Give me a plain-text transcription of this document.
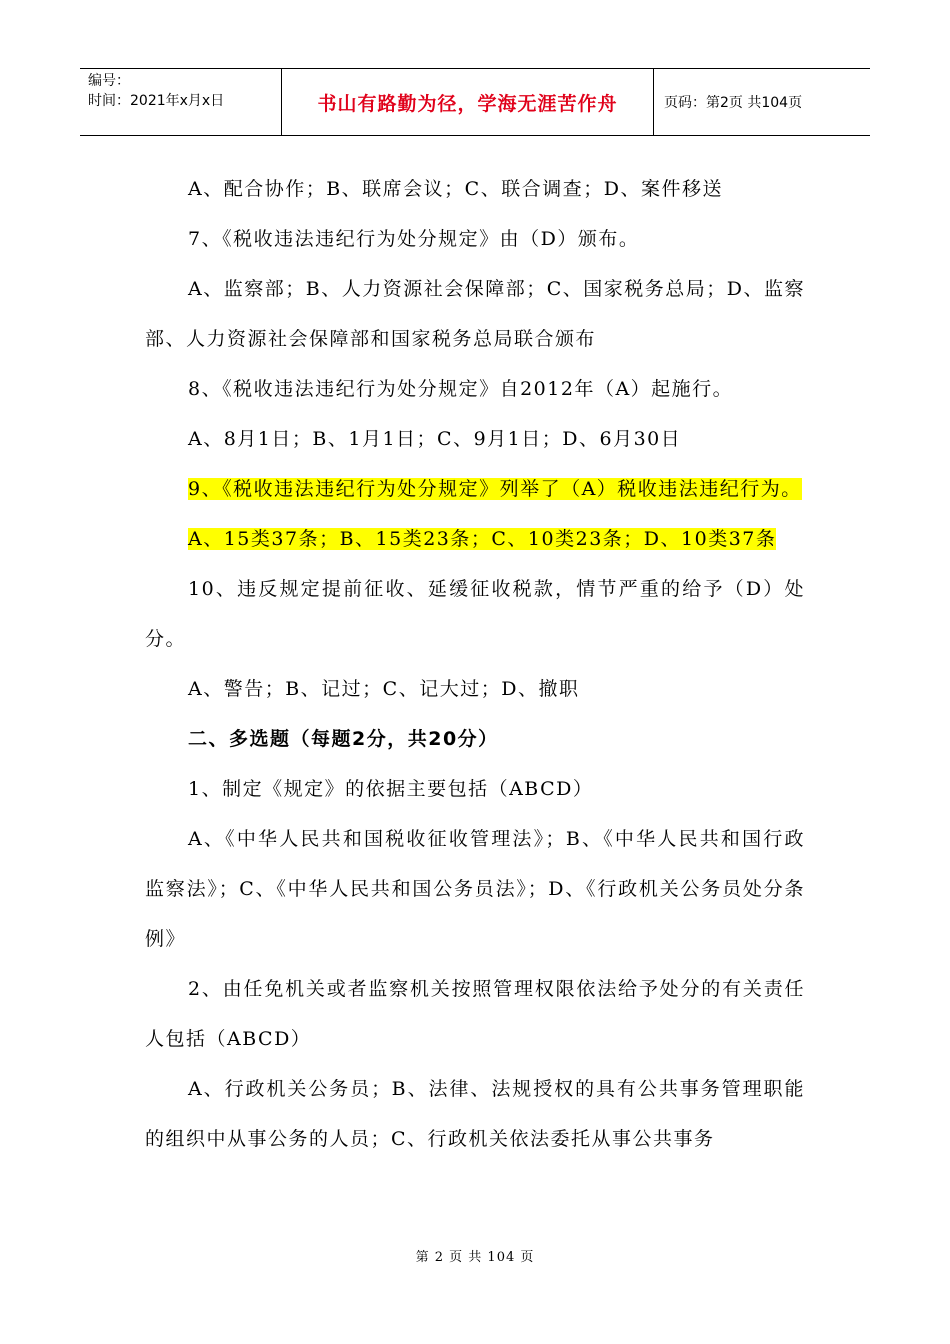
编号：
时间：2021年x月x日	书山有路勤为径，学海无涯苦作舟	页码：第2页 共104页

A、配合协作；B、联席会议；C、联合调查；D、案件移送

7、《税收违法违纪行为处分规定》由（D）颁布。

A、监察部；B、人力资源社会保障部；C、国家税务总局；D、监察部、人力资源社会保障部和国家税务总局联合颁布

8、《税收违法违纪行为处分规定》自2012年（A）起施行。

A、8月1日；B、1月1日；C、9月1日；D、6月30日

9、《税收违法违纪行为处分规定》列举了（A）税收违法违纪行为。

A、15类37条；B、15类23条；C、10类23条；D、10类37条

10、违反规定提前征收、延缓征收税款，情节严重的给予（D）处分。

A、警告；B、记过；C、记大过；D、撤职

二、多选题（每题2分，共20分）

1、制定《规定》的依据主要包括（ABCD）

A、《中华人民共和国税收征收管理法》；B、《中华人民共和国行政监察法》；C、《中华人民共和国公务员法》；D、《行政机关公务员处分条例》

2、由任免机关或者监察机关按照管理权限依法给予处分的有关责任人包括（ABCD）

A、行政机关公务员；B、法律、法规授权的具有公共事务管理职能的组织中从事公务的人员；C、行政机关依法委托从事公共事务

第 2 页 共 104 页
